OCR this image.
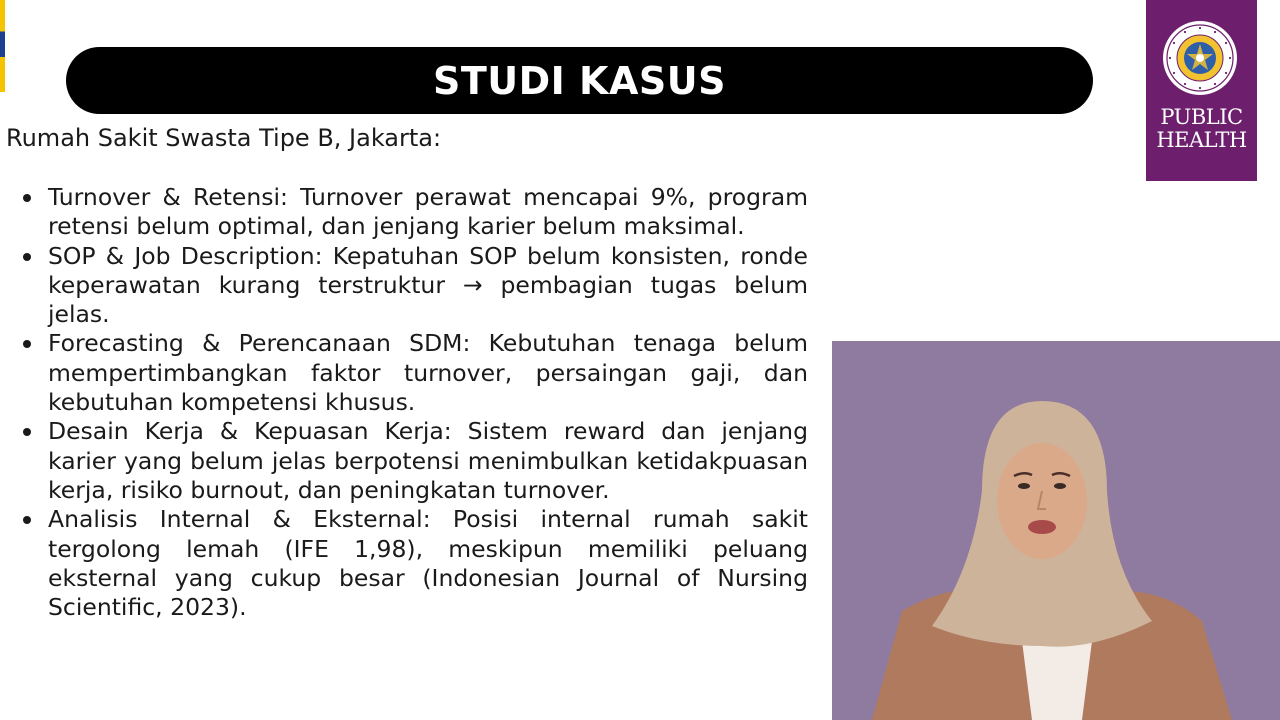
STUDI KASUS
Rumah Sakit Swasta Tipe B, Jakarta:
Turnover & Retensi: Turnover perawat mencapai 9%, program retensi belum optimal, dan jenjang karier belum maksimal.
SOP & Job Description: Kepatuhan SOP belum konsisten, ronde keperawatan kurang terstruktur → pembagian tugas belum jelas.
Forecasting & Perencanaan SDM: Kebutuhan tenaga belum mempertimbangkan faktor turnover, persaingan gaji, dan kebutuhan kompetensi khusus.
Desain Kerja & Kepuasan Kerja: Sistem reward dan jenjang karier yang belum jelas berpotensi menimbulkan ketidakpuasan kerja, risiko burnout, dan peningkatan turnover.
Analisis Internal & Eksternal: Posisi internal rumah sakit tergolong lemah (IFE 1,98), meskipun memiliki peluang eksternal yang cukup besar (Indonesian Journal of Nursing Scientific, 2023).
PUBLIC
HEALTH
